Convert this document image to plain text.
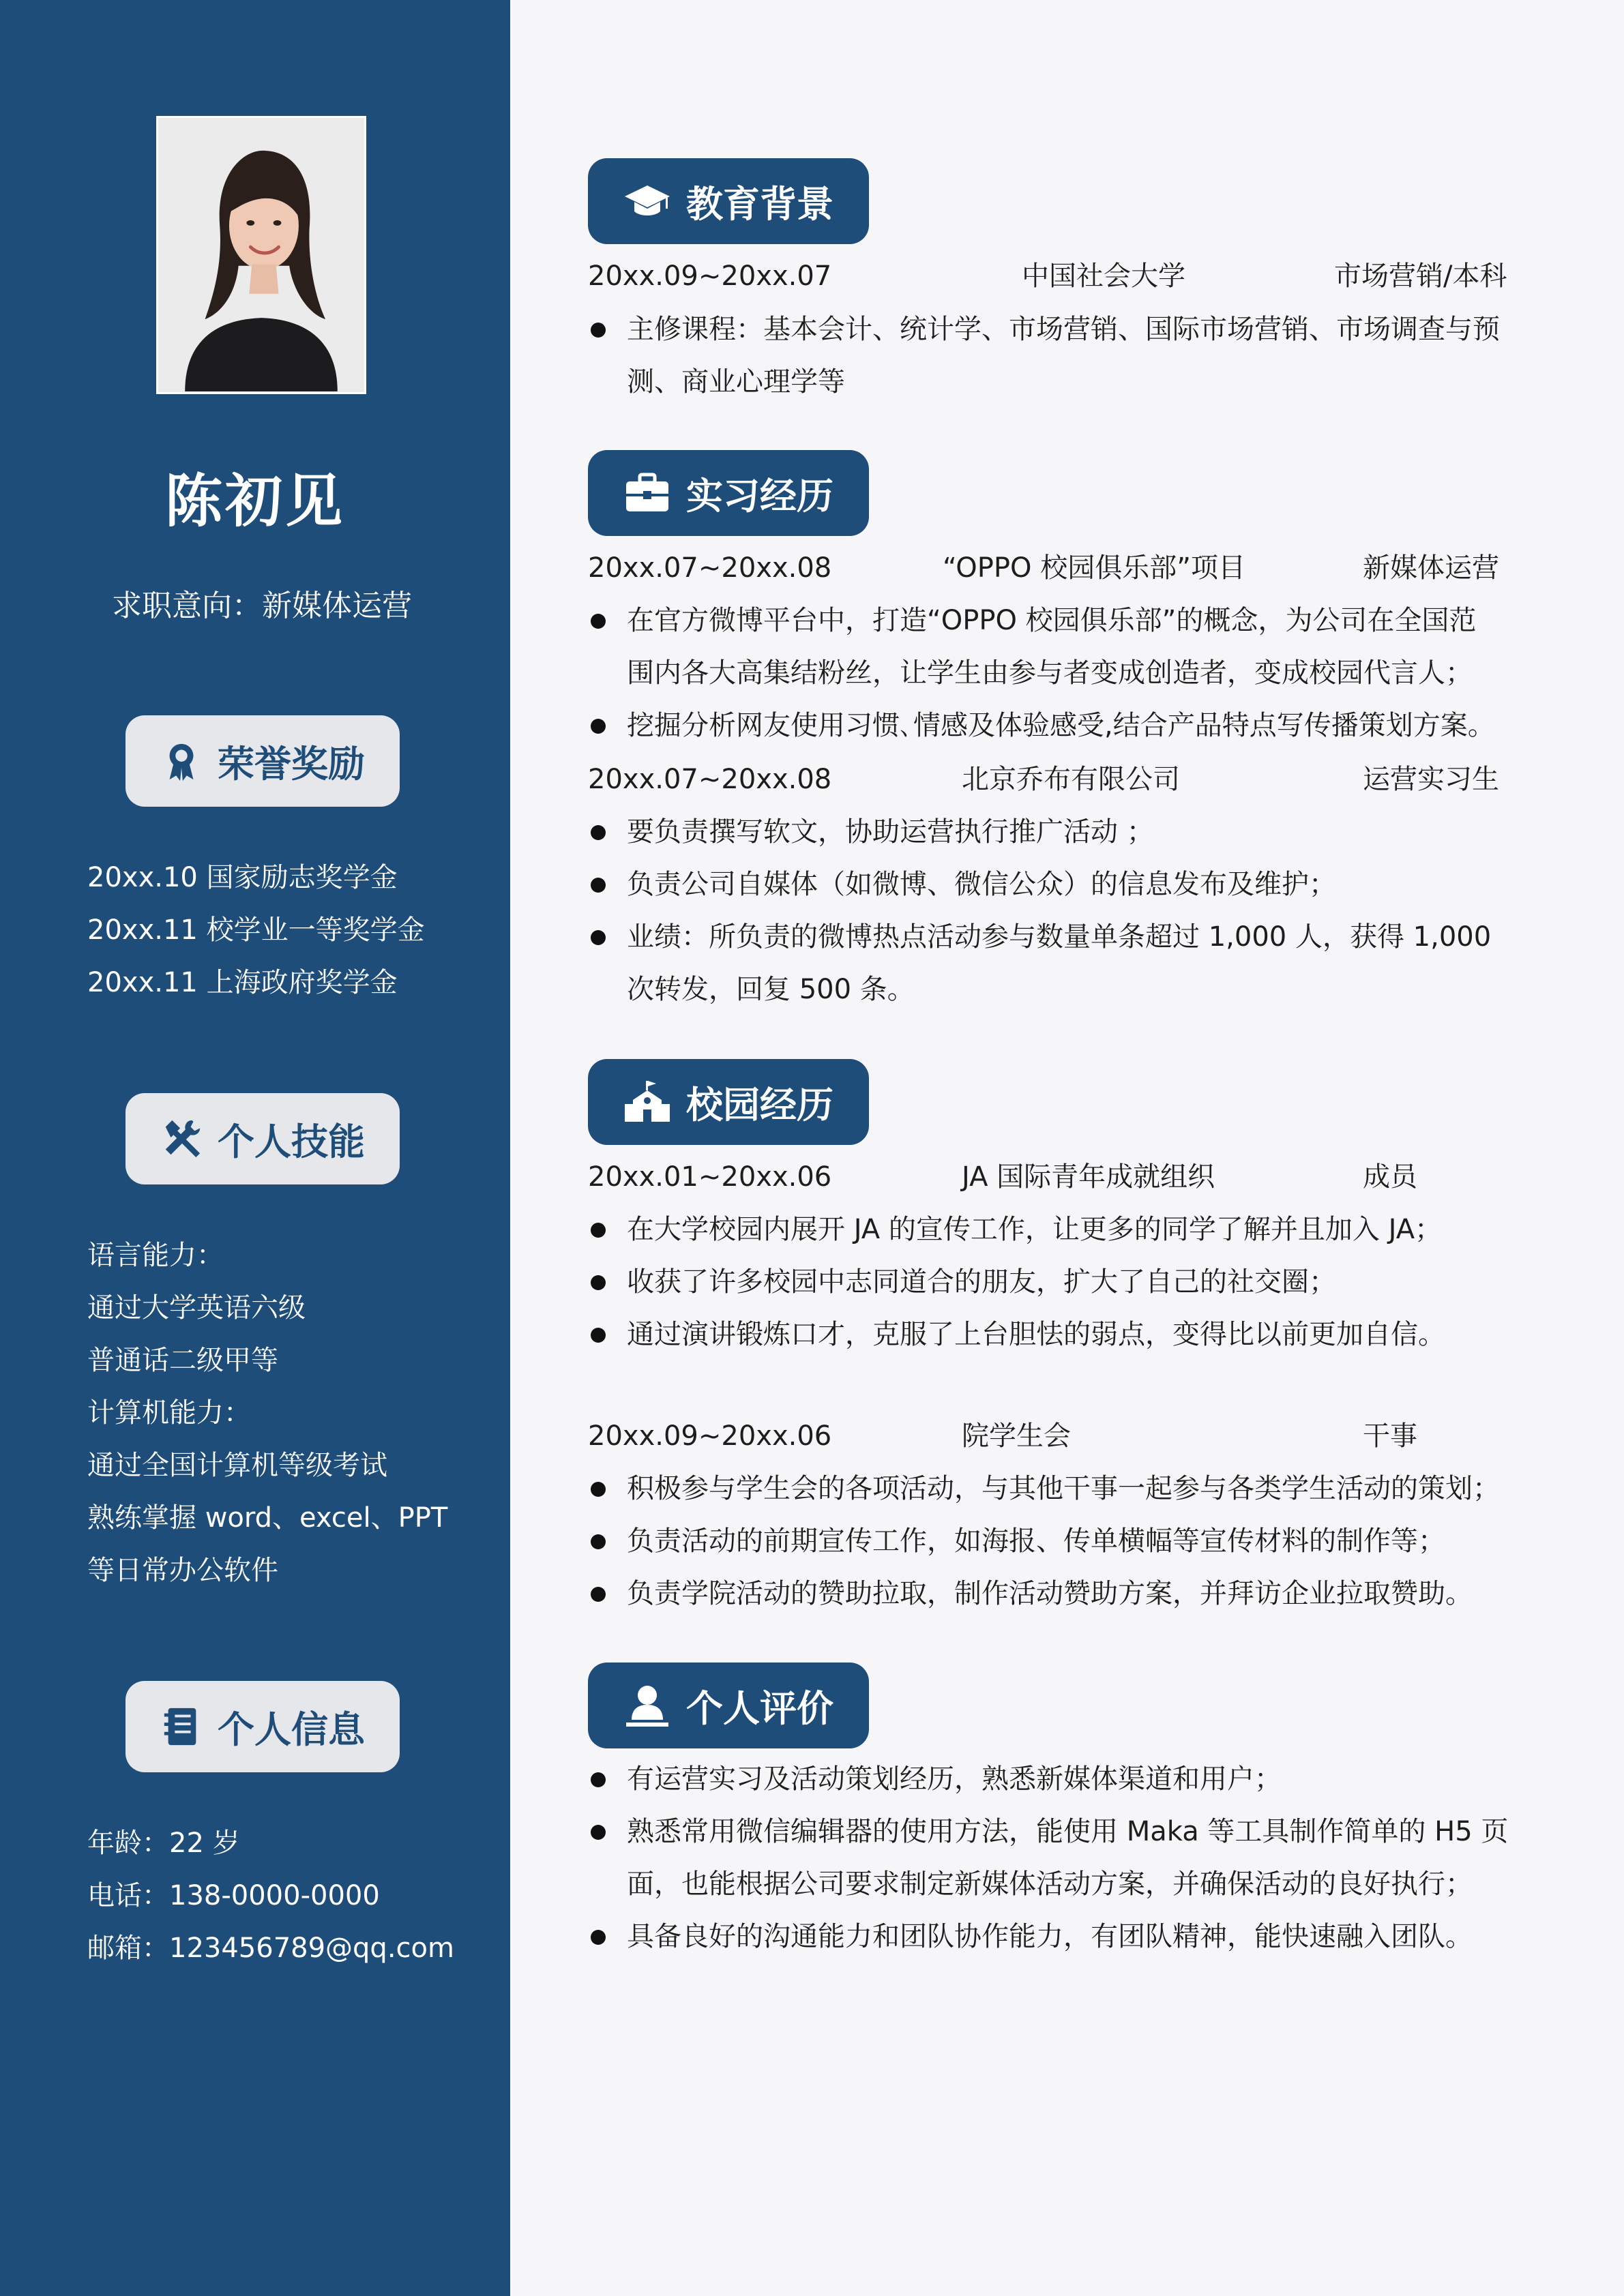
陈初见
求职意向：新媒体运营
荣誉奖励
20xx.10 国家励志奖学金
20xx.11 校学业一等奖学金
20xx.11 上海政府奖学金
个人技能
语言能力：
通过大学英语六级
普通话二级甲等
计算机能力：
通过全国计算机等级考试
熟练掌握 word、excel、PPT
等日常办公软件
个人信息
年龄：22 岁
电话：138-0000-0000
邮箱：123456789@qq.com
教育背景
20xx.09~20xx.07	中国社会大学	市场营销/本科
主修课程：基本会计、统计学、市场营销、国际市场营销、市场调查与预
测、商业心理学等
实习经历
20xx.07~20xx.08	“OPPO 校园俱乐部”项目	新媒体运营
在官方微博平台中，打造“OPPO 校园俱乐部”的概念，为公司在全国范
围内各大高集结粉丝，让学生由参与者变成创造者，变成校园代言人；
挖掘分析网友使用习惯､情感及体验感受,结合产品特点写传播策划方案｡
20xx.07~20xx.08	北京乔布有限公司	运营实习生
要负责撰写软文，协助运营执行推广活动 ；
负责公司自媒体（如微博、微信公众）的信息发布及维护；
业绩：所负责的微博热点活动参与数量单条超过 1,000 人，获得 1,000
次转发，回复 500 条。
校园经历
20xx.01~20xx.06	JA 国际青年成就组织	成员
在大学校园内展开 JA 的宣传工作，让更多的同学了解并且加入 JA；
收获了许多校园中志同道合的朋友，扩大了自己的社交圈；
通过演讲锻炼口才，克服了上台胆怯的弱点，变得比以前更加自信。
20xx.09~20xx.06	院学生会	干事
积极参与学生会的各项活动，与其他干事一起参与各类学生活动的策划；
负责活动的前期宣传工作，如海报、传单横幅等宣传材料的制作等；
负责学院活动的赞助拉取，制作活动赞助方案，并拜访企业拉取赞助。
个人评价
有运营实习及活动策划经历，熟悉新媒体渠道和用户；
熟悉常用微信编辑器的使用方法，能使用 Maka 等工具制作简单的 H5 页
面，也能根据公司要求制定新媒体活动方案，并确保活动的良好执行；
具备良好的沟通能力和团队协作能力，有团队精神，能快速融入团队。
